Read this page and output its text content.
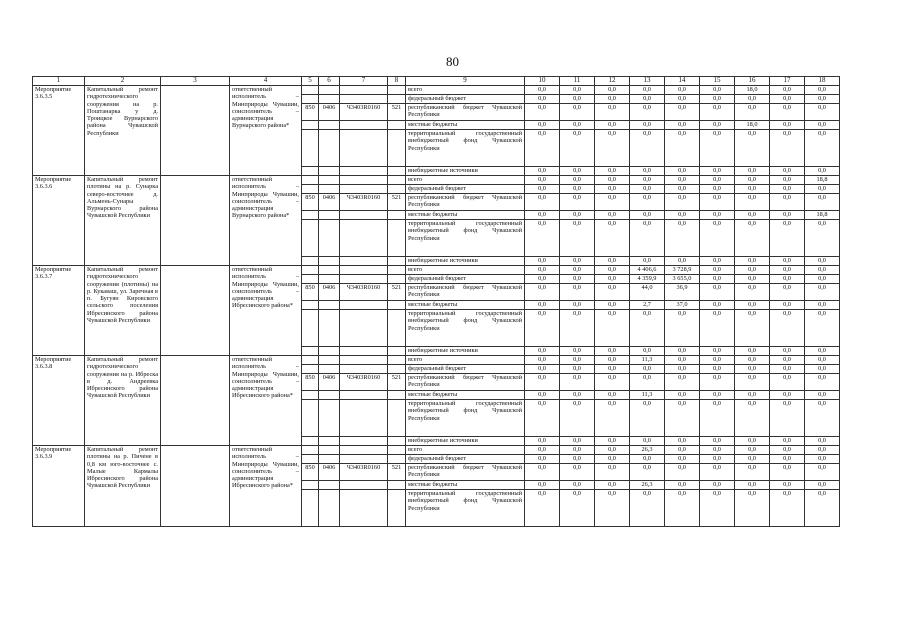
80
1	2	3	4	5	6	7	8	9	10	11	12	13	14	15	16	17	18
Мероприятие 3.6.3.5	Капитальный ремонт гидротехнического сооружения на р. Поштанарка у д. Троицкое Вурнарского района Чувашской Республики		ответственный исполнитель – Минприроды Чувашии, соисполнитель – администрация Вурнарского района*					всего	0,0	0,0	0,0	0,0	0,0	0,0	18,0	0,0	0,0
								федеральный бюджет	0,0	0,0	0,0	0,0	0,0	0,0	0,0	0,0	0,0
				850	0406	Ч3403R0160	521	республиканский бюджет Чувашской Республики	0,0	0,0	0,0	0,0	0,0	0,0	0,0	0,0	0,0
								местные бюджеты	0,0	0,0	0,0	0,0	0,0	0,0	18,0	0,0	0,0
								территориальный государственный внебюджетный фонд Чувашской Республики	0,0	0,0	0,0	0,0	0,0	0,0	0,0	0,0	0,0
								внебюджетные источники	0,0	0,0	0,0	0,0	0,0	0,0	0,0	0,0	0,0
Мероприятие 3.6.3.6	Капитальный ремонт плотины на р. Сунарка северо-восточнее д. Альмень-Сунары Вурнарского района Чувашской Республики		ответственный исполнитель – Минприроды Чувашии, соисполнитель – администрация Вурнарского района*					всего	0,0	0,0	0,0	0,0	0,0	0,0	0,0	0,0	18,8
								федеральный бюджет	0,0	0,0	0,0	0,0	0,0	0,0	0,0	0,0	0,0
				850	0406	Ч3403R0160	521	республиканский бюджет Чувашской Республики	0,0	0,0	0,0	0,0	0,0	0,0	0,0	0,0	0,0
								местные бюджеты	0,0	0,0	0,0	0,0	0,0	0,0	0,0	0,0	18,8
								территориальный государственный внебюджетный фонд Чувашской Республики	0,0	0,0	0,0	0,0	0,0	0,0	0,0	0,0	0,0
								внебюджетные источники	0,0	0,0	0,0	0,0	0,0	0,0	0,0	0,0	0,0
Мероприятие 3.6.3.7	Капитальный ремонт гидротехнического сооружения (плотины) на р. Кукаваш, ул. Заречная в п. Бугуян Кировского сельского поселения Ибресинского района Чувашской Республики		ответственный исполнитель – Минприроды Чувашии, соисполнитель – администрация Ибресинского района*					всего	0,0	0,0	0,0	4 406,6	3 728,9	0,0	0,0	0,0	0,0
								федеральный бюджет	0,0	0,0	0,0	4 359,9	3 655,0	0,0	0,0	0,0	0,0
				850	0406	Ч3403R0160	521	республиканский бюджет Чувашской Республики	0,0	0,0	0,0	44,0	36,9	0,0	0,0	0,0	0,0
								местные бюджеты	0,0	0,0	0,0	2,7	37,0	0,0	0,0	0,0	0,0
								территориальный государственный внебюджетный фонд Чувашской Республики	0,0	0,0	0,0	0,0	0,0	0,0	0,0	0,0	0,0
								внебюджетные источники	0,0	0,0	0,0	0,0	0,0	0,0	0,0	0,0	0,0
Мероприятие 3.6.3.8	Капитальный ремонт гидротехнического сооружения на р. Ибреска в д. Андреевка Ибресинского района Чувашской Республики		ответственный исполнитель – Минприроды Чувашии, соисполнитель – администрация Ибресинского района*					всего	0,0	0,0	0,0	11,3	0,0	0,0	0,0	0,0	0,0
								федеральный бюджет	0,0	0,0	0,0	0,0	0,0	0,0	0,0	0,0	0,0
				850	0406	Ч3403R0160	521	республиканский бюджет Чувашской Республики	0,0	0,0	0,0	0,0	0,0	0,0	0,0	0,0	0,0
								местные бюджеты	0,0	0,0	0,0	11,3	0,0	0,0	0,0	0,0	0,0
								территориальный государственный внебюджетный фонд Чувашской Республики	0,0	0,0	0,0	0,0	0,0	0,0	0,0	0,0	0,0
								внебюджетные источники	0,0	0,0	0,0	0,0	0,0	0,0	0,0	0,0	0,0
Мероприятие 3.6.3.9	Капитальный ремонт плотины на р. Пичене в 0,8 км юго-восточнее с. Малые Кармалы Ибресинского района Чувашской Республики		ответственный исполнитель – Минприроды Чувашии, соисполнитель – администрация Ибресинского района*					всего	0,0	0,0	0,0	26,3	0,0	0,0	0,0	0,0	0,0
								федеральный бюджет	0,0	0,0	0,0	0,0	0,0	0,0	0,0	0,0	0,0
				850	0406	Ч3403R0160	521	республиканский бюджет Чувашской Республики	0,0	0,0	0,0	0,0	0,0	0,0	0,0	0,0	0,0
								местные бюджеты	0,0	0,0	0,0	26,3	0,0	0,0	0,0	0,0	0,0
								территориальный государственный внебюджетный фонд Чувашской Республики	0,0	0,0	0,0	0,0	0,0	0,0	0,0	0,0	0,0
